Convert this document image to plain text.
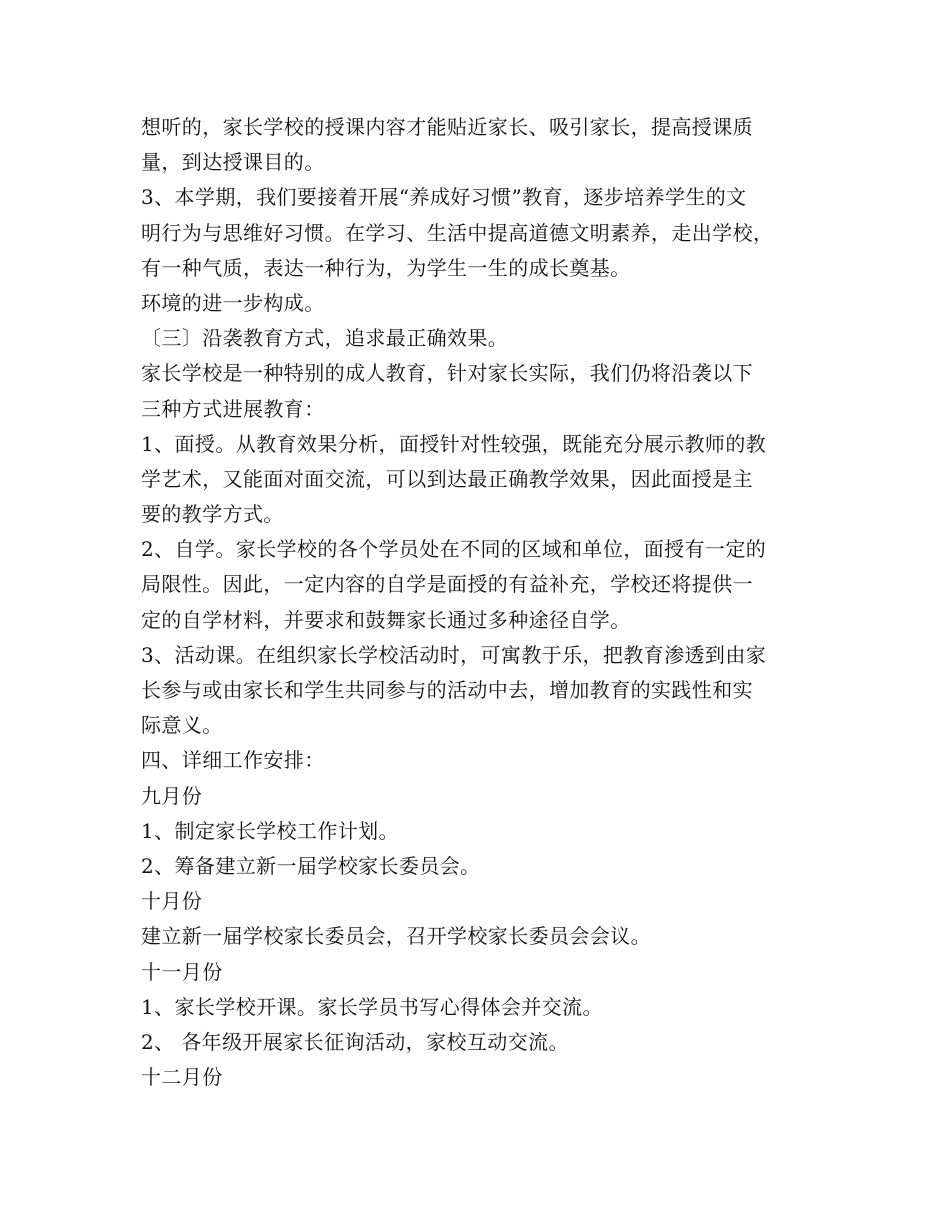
想听的，家长学校的授课内容才能贴近家长、吸引家长，提高授课质
量，到达授课目的。
3、本学期，我们要接着开展“养成好习惯”教育，逐步培养学生的文
明行为与思维好习惯。在学习、生活中提高道德文明素养，走出学校，
有一种气质，表达一种行为，为学生一生的成长奠基。
环境的进一步构成。
〔三〕沿袭教育方式，追求最正确效果。
家长学校是一种特别的成人教育，针对家长实际，我们仍将沿袭以下
三种方式进展教育：
1、面授。从教育效果分析，面授针对性较强，既能充分展示教师的教
学艺术，又能面对面交流，可以到达最正确教学效果，因此面授是主
要的教学方式。
2、自学。家长学校的各个学员处在不同的区域和单位，面授有一定的
局限性。因此，一定内容的自学是面授的有益补充，学校还将提供一
定的自学材料，并要求和鼓舞家长通过多种途径自学。
3、活动课。在组织家长学校活动时，可寓教于乐，把教育渗透到由家
长参与或由家长和学生共同参与的活动中去，增加教育的实践性和实
际意义。
四、详细工作安排：
九月份
1、制定家长学校工作计划。
2、筹备建立新一届学校家长委员会。
十月份
建立新一届学校家长委员会，召开学校家长委员会会议。
十一月份
1、家长学校开课。家长学员书写心得体会并交流。
2、 各年级开展家长征询活动，家校互动交流。
十二月份
